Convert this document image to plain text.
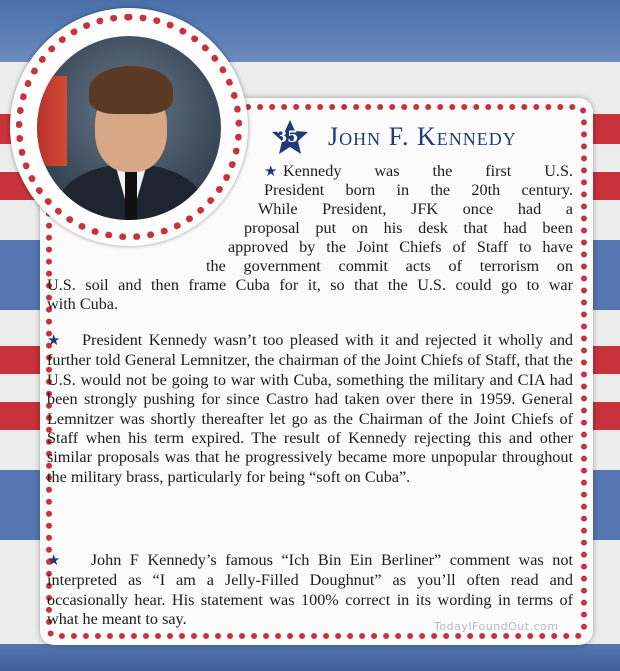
35. John F. Kennedy
★ Kennedy was the first U.S.
President born in the 20th century.
While President, JFK once had a
proposal put on his desk that had been
approved by the Joint Chiefs of Staff to have
the government commit acts of terrorism on
U.S. soil and then frame Cuba for it, so that the U.S. could go to war
with Cuba.
★ President Kennedy wasn’t too pleased with it and rejected it wholly and further told General Lemnitzer, the chairman of the Joint Chiefs of Staff, that the U.S. would not be going to war with Cuba, something the military and CIA had been strongly pushing for since Castro had taken over there in 1959. General Lemnitzer was shortly thereafter let go as the Chairman of the Joint Chiefs of Staff when his term expired. The result of Kennedy rejecting this and other similar proposals was that he progressively became more unpopular throughout the military brass, particularly for being “soft on Cuba”.
★ John F Kennedy’s famous “Ich Bin Ein Berliner” comment was not interpreted as “I am a Jelly-Filled Doughnut” as you’ll often read and occasionally hear. His statement was 100% correct in its wording in terms of what he meant to say.	TodayIFoundOut.com
